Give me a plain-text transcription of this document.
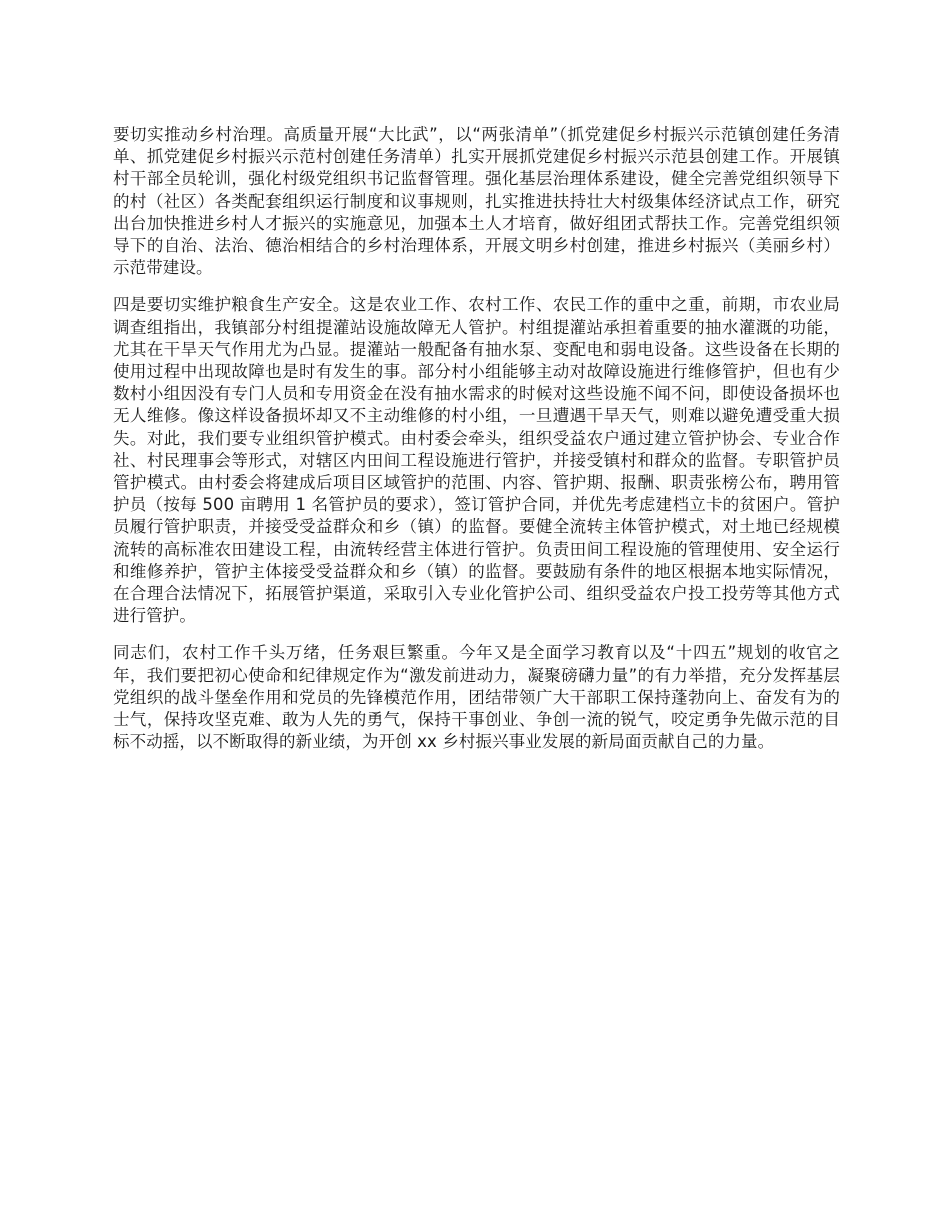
要切实推动乡村治理。高质量开展“大比武”，以“两张清单”（抓党建促乡村振兴示范镇创建任务清单、抓党建促乡村振兴示范村创建任务清单）扎实开展抓党建促乡村振兴示范县创建工作。开展镇村干部全员轮训，强化村级党组织书记监督管理。强化基层治理体系建设，健全完善党组织领导下的村（社区）各类配套组织运行制度和议事规则，扎实推进扶持壮大村级集体经济试点工作，研究出台加快推进乡村人才振兴的实施意见，加强本土人才培育，做好组团式帮扶工作。完善党组织领导下的自治、法治、德治相结合的乡村治理体系，开展文明乡村创建，推进乡村振兴（美丽乡村）示范带建设。

四是要切实维护粮食生产安全。这是农业工作、农村工作、农民工作的重中之重，前期，市农业局调查组指出，我镇部分村组提灌站设施故障无人管护。村组提灌站承担着重要的抽水灌溉的功能，尤其在干旱天气作用尤为凸显。提灌站一般配备有抽水泵、变配电和弱电设备。这些设备在长期的使用过程中出现故障也是时有发生的事。部分村小组能够主动对故障设施进行维修管护，但也有少数村小组因没有专门人员和专用资金在没有抽水需求的时候对这些设施不闻不问，即使设备损坏也无人维修。像这样设备损坏却又不主动维修的村小组，一旦遭遇干旱天气，则难以避免遭受重大损失。对此，我们要专业组织管护模式。由村委会牵头，组织受益农户通过建立管护协会、专业合作社、村民理事会等形式，对辖区内田间工程设施进行管护，并接受镇村和群众的监督。专职管护员管护模式。由村委会将建成后项目区域管护的范围、内容、管护期、报酬、职责张榜公布，聘用管护员（按每 500 亩聘用 1 名管护员的要求），签订管护合同，并优先考虑建档立卡的贫困户。管护员履行管护职责，并接受受益群众和乡（镇）的监督。要健全流转主体管护模式，对土地已经规模流转的高标准农田建设工程，由流转经营主体进行管护。负责田间工程设施的管理使用、安全运行和维修养护，管护主体接受受益群众和乡（镇）的监督。要鼓励有条件的地区根据本地实际情况，在合理合法情况下，拓展管护渠道，采取引入专业化管护公司、组织受益农户投工投劳等其他方式进行管护。

同志们，农村工作千头万绪，任务艰巨繁重。今年又是全面学习教育以及“十四五”规划的收官之年，我们要把初心使命和纪律规定作为“激发前进动力，凝聚磅礴力量”的有力举措，充分发挥基层党组织的战斗堡垒作用和党员的先锋模范作用，团结带领广大干部职工保持蓬勃向上、奋发有为的士气，保持攻坚克难、敢为人先的勇气，保持干事创业、争创一流的锐气，咬定勇争先做示范的目标不动摇，以不断取得的新业绩，为开创 xx 乡村振兴事业发展的新局面贡献自己的力量。
